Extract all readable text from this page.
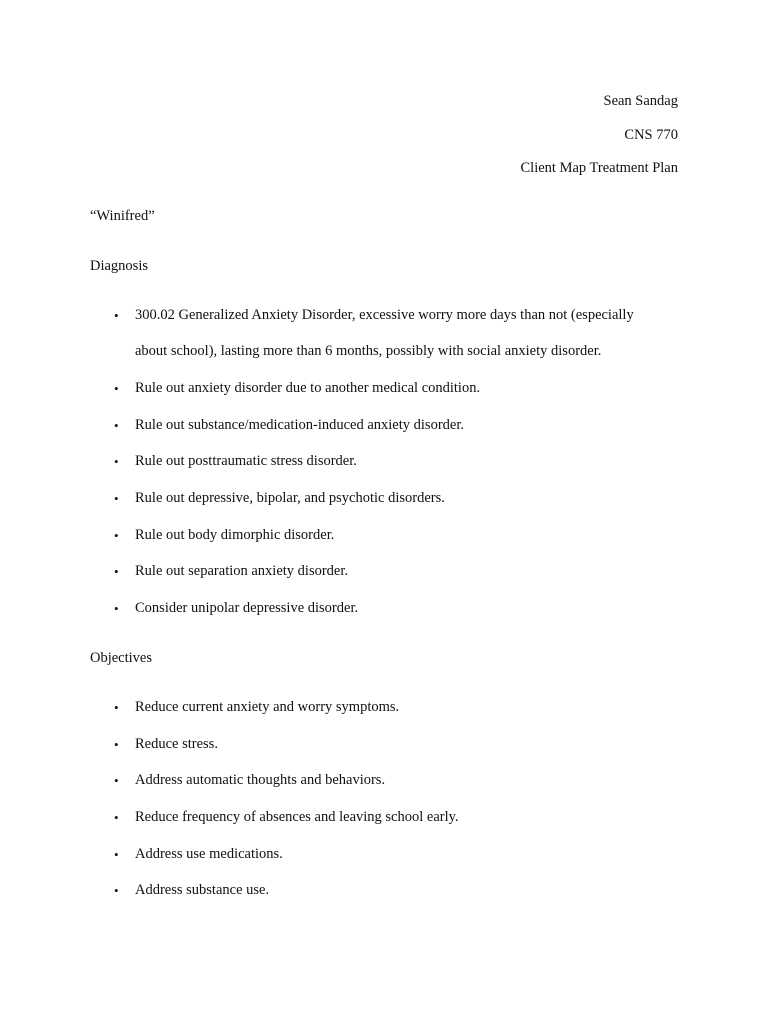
Sean Sandag
CNS 770
Client Map Treatment Plan
“Winifred”
Diagnosis
• 300.02 Generalized Anxiety Disorder, excessive worry more days than not (especially
about school), lasting more than 6 months, possibly with social anxiety disorder.
• Rule out anxiety disorder due to another medical condition.
• Rule out substance/medication-induced anxiety disorder.
• Rule out posttraumatic stress disorder.
• Rule out depressive, bipolar, and psychotic disorders.
• Rule out body dimorphic disorder.
• Rule out separation anxiety disorder.
• Consider unipolar depressive disorder.
Objectives
• Reduce current anxiety and worry symptoms.
• Reduce stress.
• Address automatic thoughts and behaviors.
• Reduce frequency of absences and leaving school early.
• Address use medications.
• Address substance use.
